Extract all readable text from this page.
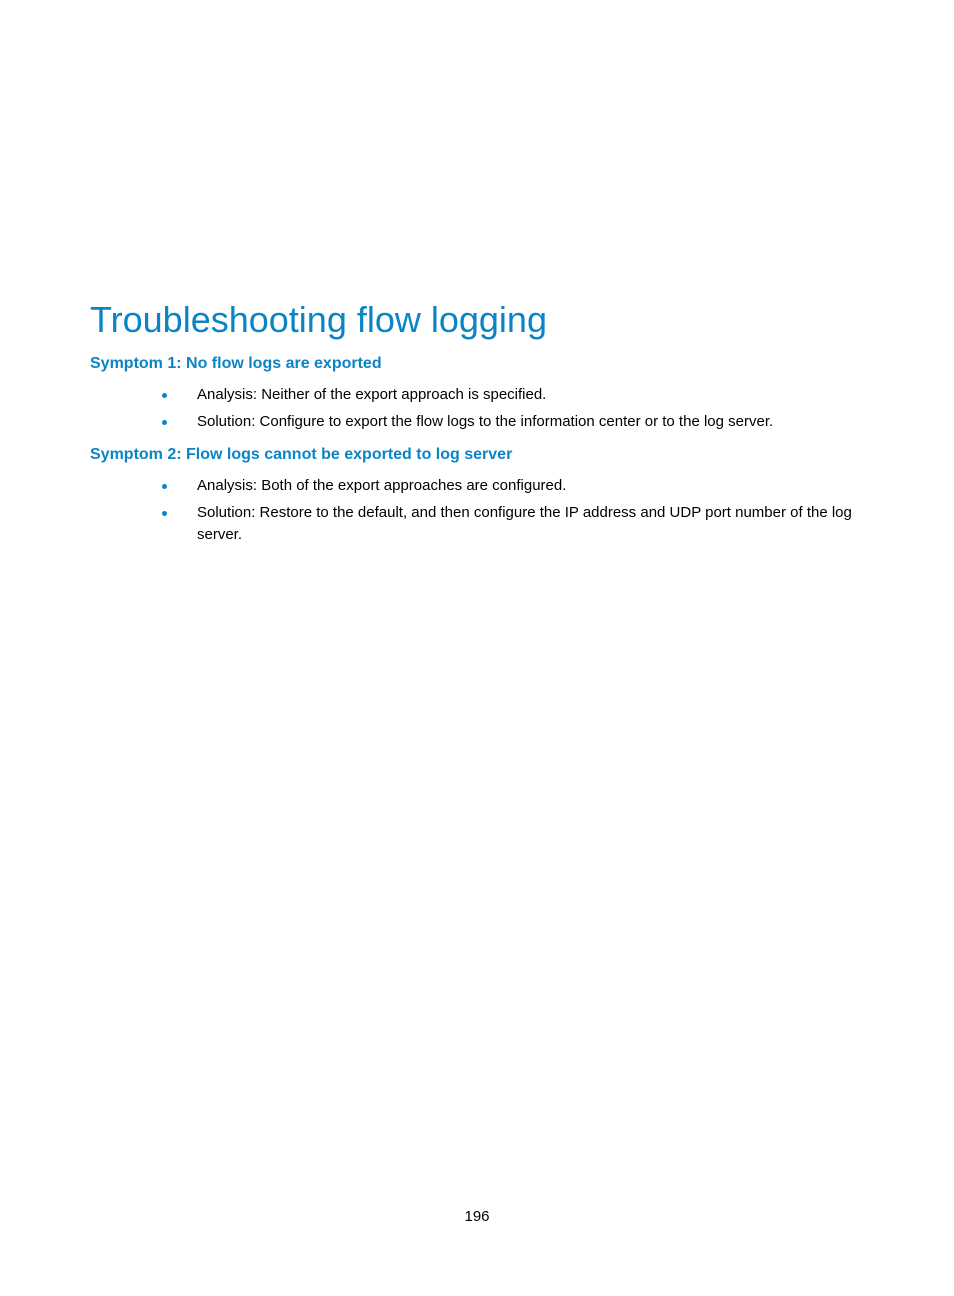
Troubleshooting flow logging
Symptom 1: No flow logs are exported
Analysis: Neither of the export approach is specified.
Solution: Configure to export the flow logs to the information center or to the log server.
Symptom 2: Flow logs cannot be exported to log server
Analysis: Both of the export approaches are configured.
Solution: Restore to the default, and then configure the IP address and UDP port number of the log server.
196
